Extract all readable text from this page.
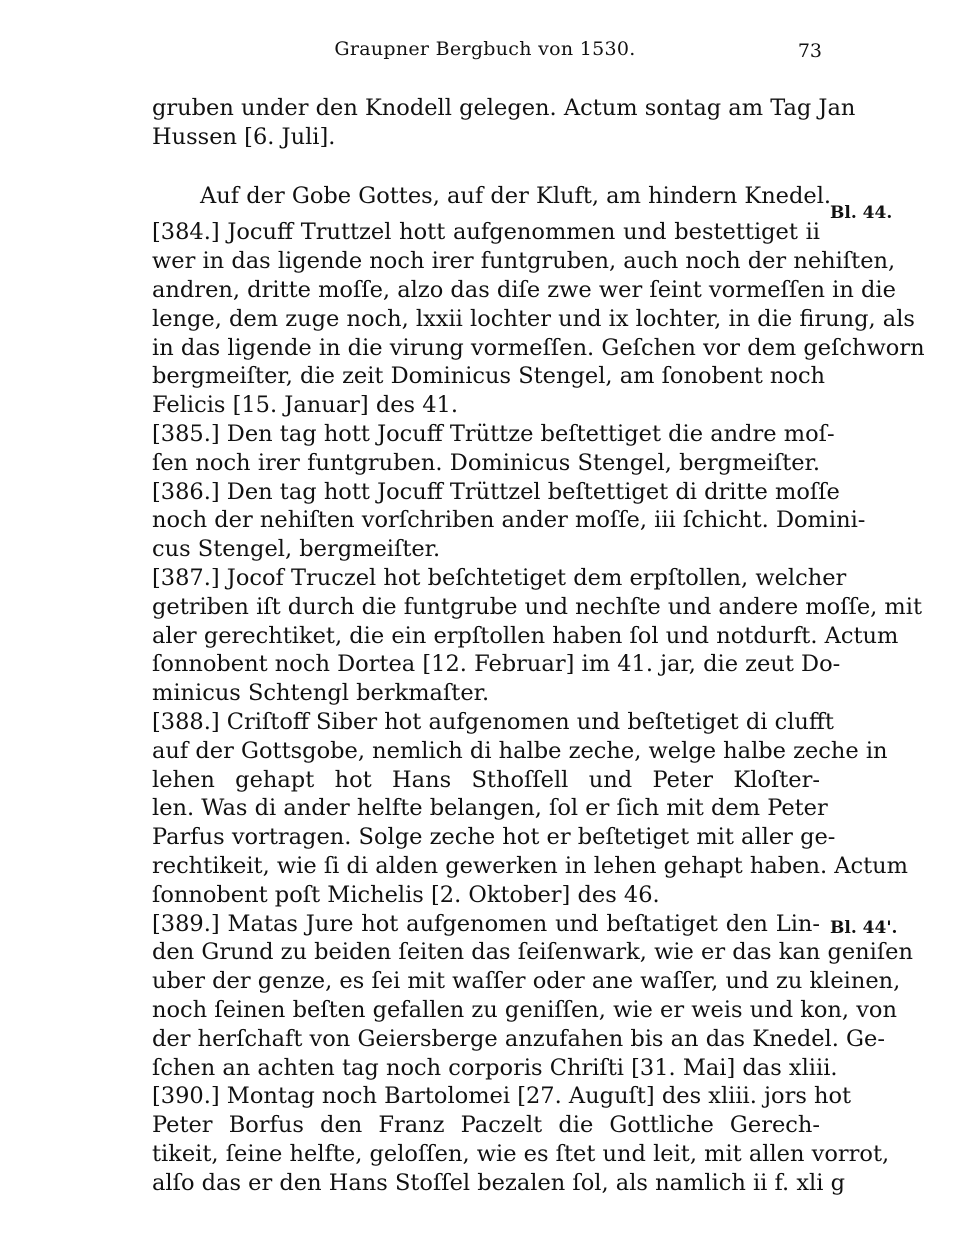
Graupner Bergbuch von 1530.	73
Bl. 44.
Bl. 44'.
gruben under den Knodell gelegen. Actum sontag am Tag Jan
Hussen [6. Juli].
Auf der Gobe Gottes, auf der Kluft, am hindern Knedel.
[384.] Jocuff Truttzel hott aufgenommen und bestettiget ii
wer in das ligende noch irer funtgruben, auch noch der nehiſten,
andren, dritte moſſe, alzo das diſe zwe wer ſeint vormeſſen in die
lenge, dem zuge noch, lxxii lochter und ix lochter, in die firung, als
in das ligende in die virung vormeſſen. Geſchen vor dem geſchworn
bergmeiſter, die zeit Dominicus Stengel, am ſonobent noch
Felicis [15. Januar] des 41.
[385.] Den tag hott Jocuff Trüttze beſtettiget die andre moſ-
ſen noch irer funtgruben. Dominicus Stengel, bergmeiſter.
[386.] Den tag hott Jocuff Trüttzel beſtettiget di dritte moſſe
noch der nehiſten vorſchriben ander moſſe, iii ſchicht. Domini-
cus Stengel, bergmeiſter.
[387.] Jocof Truczel hot beſchtetiget dem erpſtollen, welcher
getriben iſt durch die funtgrube und nechſte und andere moſſe, mit
aler gerechtiket, die ein erpſtollen haben ſol und notdurft. Actum
ſonnobent noch Dortea [12. Februar] im 41. jar, die zeut Do-
minicus Schtengl berkmaſter.
[388.] Criſtoff Siber hot aufgenomen und beſtetiget di clufft
auf der Gottsgobe, nemlich di halbe zeche, welge halbe zeche in
lehen gehapt hot Hans Sthoſſell und Peter Kloſter-
len. Was di ander helfte belangen, ſol er ſich mit dem Peter
Parfus vortragen. Solge zeche hot er beſtetiget mit aller ge-
rechtikeit, wie ſi di alden gewerken in lehen gehapt haben. Actum
ſonnobent poſt Michelis [2. Oktober] des 46.
[389.] Matas Jure hot aufgenomen und beſtatiget den Lin-
den Grund zu beiden ſeiten das ſeiſenwark, wie er das kan geniſen
uber der genze, es ſei mit waſſer oder ane waſſer, und zu kleinen,
noch ſeinen beſten gefallen zu geniſſen, wie er weis und kon, von
der herſchaft von Geiersberge anzufahen bis an das Knedel. Ge-
ſchen an achten tag noch corporis Chriſti [31. Mai] das xliii.
[390.] Montag noch Bartolomei [27. Auguſt] des xliii. jors hot
Peter Borfus den Franz Paczelt die Gottliche Gerech-
tikeit, ſeine helfte, geloſſen, wie es ſtet und leit, mit allen vorrot,
alſo das er den Hans Stoſſel bezalen ſol, als namlich ii f. xli g
